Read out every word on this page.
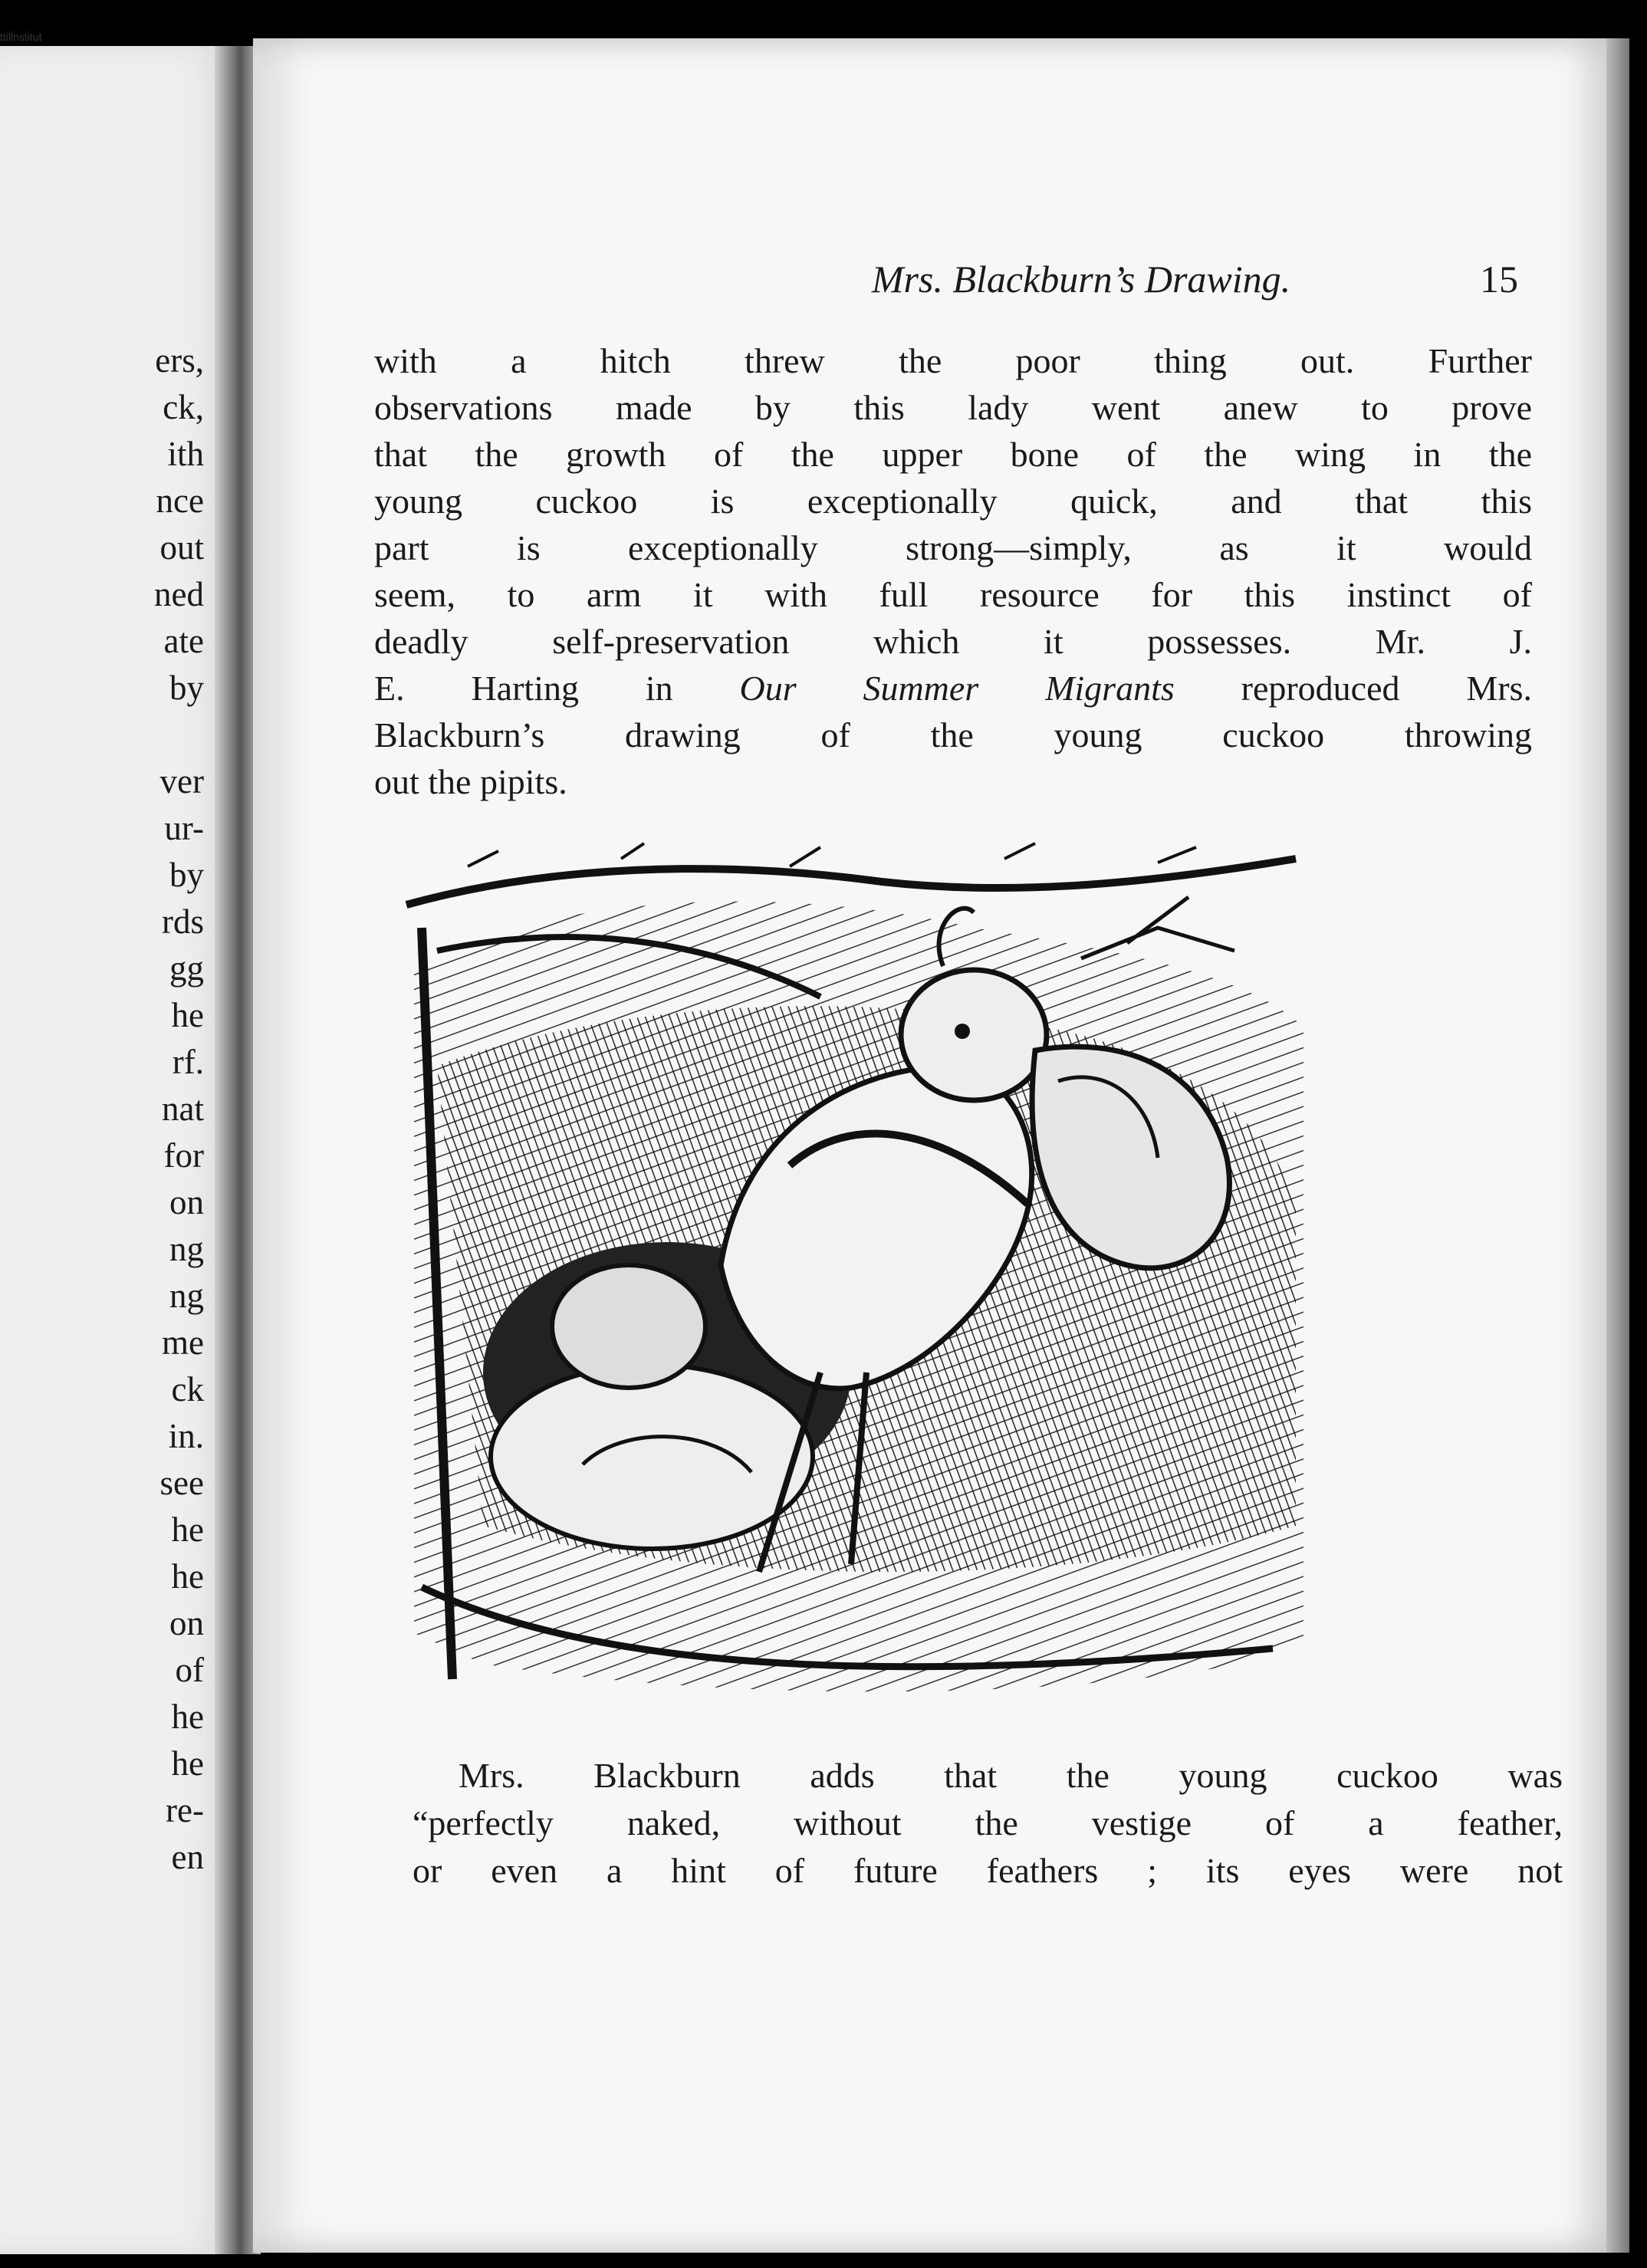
ttillnstitut
ers,
ck,
ith
nce
out
ned
ate
by

ver
ur-
by
rds
gg
he
rf.
nat
for
on
ng
ng
me
ck
in.
see
he
he
on
of
he
he
re-
en
Mrs. Blackburn’s Drawing.	15
with a hitch threw the poor thing out. Further
observations made by this lady went anew to prove
that the growth of the upper bone of the wing in the
young cuckoo is exceptionally quick, and that this
part is exceptionally strong—simply, as it would
seem, to arm it with full resource for this instinct of
deadly self-preservation which it possesses. Mr. J.
E. Harting in Our Summer Migrants reproduced Mrs.
Blackburn’s drawing of the young cuckoo throwing
out the pipits.
Mrs. Blackburn adds that the young cuckoo was
“perfectly naked, without the vestige of a feather,
or even a hint of future feathers ; its eyes were not
